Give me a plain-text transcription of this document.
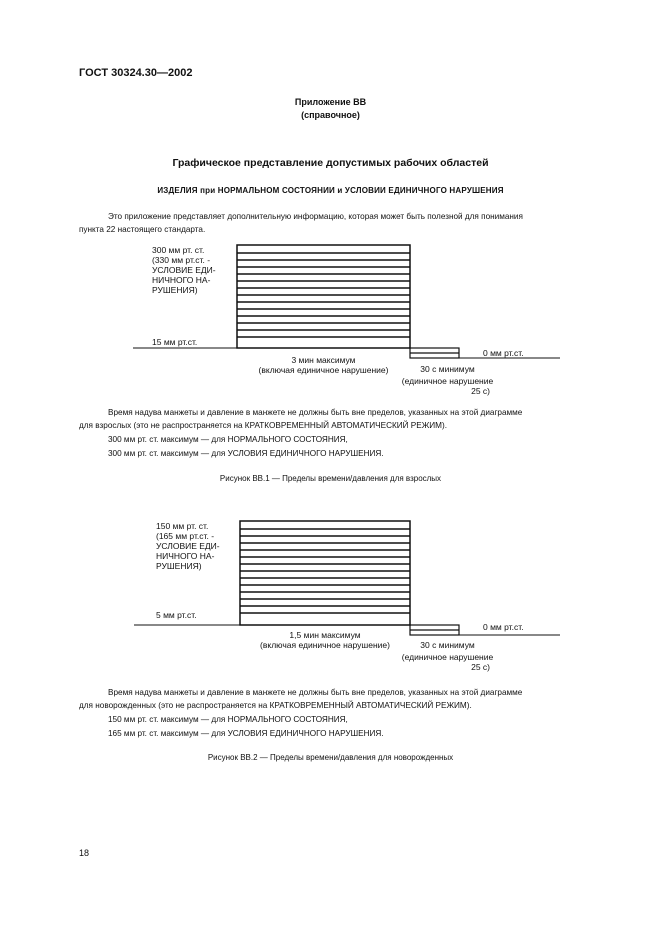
ГОСТ 30324.30—2002
Приложение ВВ
(справочное)
Графическое представление допустимых рабочих областей
ИЗДЕЛИЯ при НОРМАЛЬНОМ СОСТОЯНИИ и УСЛОВИИ ЕДИНИЧНОГО НАРУШЕНИЯ
Это приложение представляет дополнительную информацию, которая может быть полезной для понимания
пункта 22 настоящего стандарта.
300 мм рт. ст.
(330 мм рт.ст. -
УСЛОВИЕ ЕДИ-
НИЧНОГО НА-
РУШЕНИЯ)
15 мм рт.ст.
0 мм рт.ст.
3 мин максимум
(включая единичное нарушение)	30 с минимум
(единичное нарушение
25 с)
Время надува манжеты и давление в манжете не должны быть вне пределов, указанных на этой диаграмме
для взрослых (это не распространяется на КРАТКОВРЕМЕННЫЙ АВТОМАТИЧЕСКИЙ РЕЖИМ).
300 мм рт. ст. максимум — для НОРМАЛЬНОГО СОСТОЯНИЯ,
300 мм рт. ст. максимум — для УСЛОВИЯ ЕДИНИЧНОГО НАРУШЕНИЯ.
Рисунок ВВ.1 — Пределы времени/давления для взрослых
150 мм рт. ст.
(165 мм рт.ст. -
УСЛОВИЕ ЕДИ-
НИЧНОГО НА-
РУШЕНИЯ)
5 мм рт.ст.
0 мм рт.ст.
1,5 мин максимум
(включая единичное нарушение)	30 с минимум
(единичное нарушение
25 с)
Время надува манжеты и давление в манжете не должны быть вне пределов, указанных на этой диаграмме
для новорожденных (это не распространяется на КРАТКОВРЕМЕННЫЙ АВТОМАТИЧЕСКИЙ РЕЖИМ).
150 мм рт. ст. максимум — для НОРМАЛЬНОГО СОСТОЯНИЯ,
165 мм рт. ст. максимум — для УСЛОВИЯ ЕДИНИЧНОГО НАРУШЕНИЯ.
Рисунок ВВ.2 — Пределы времени/давления для новорожденных
18
